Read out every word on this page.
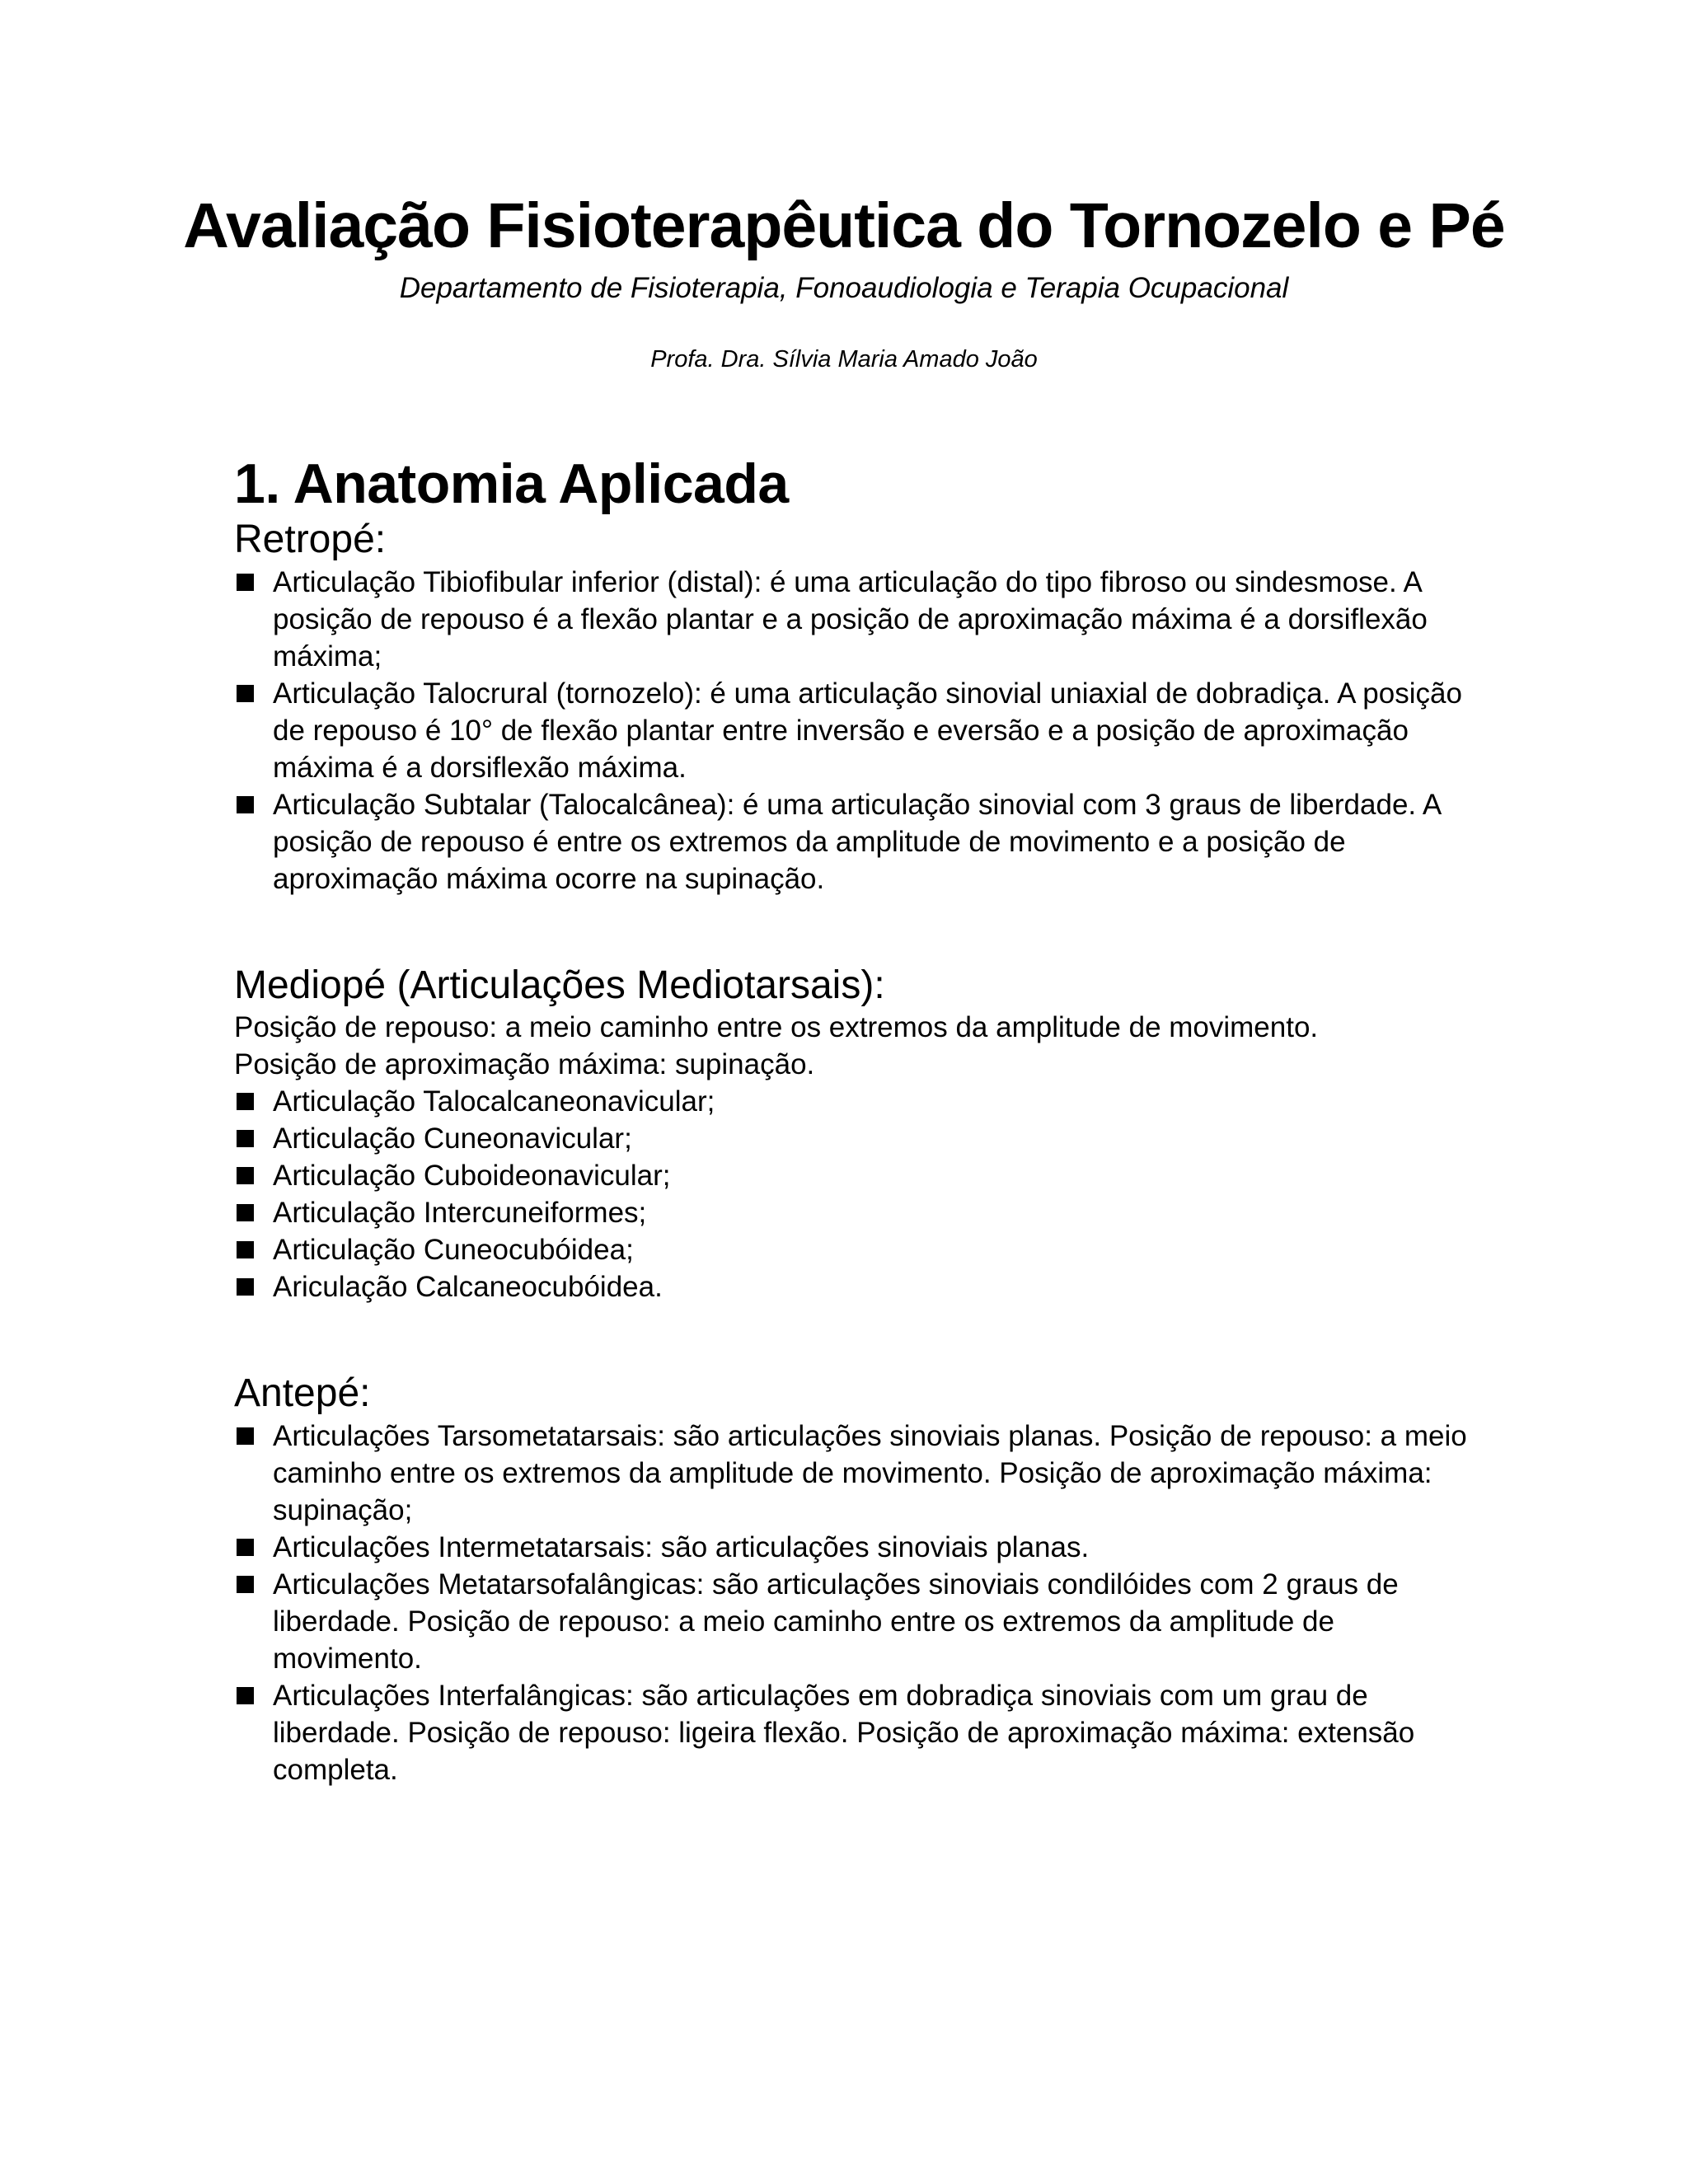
Avaliação Fisioterapêutica do Tornozelo e Pé

Departamento de Fisioterapia, Fonoaudiologia e Terapia Ocupacional

Profa. Dra. Sílvia Maria Amado João

1. Anatomia Aplicada
Retropé:
Articulação Tibiofibular inferior (distal): é uma articulação do tipo fibroso ou sindesmose. A posição de repouso é a flexão plantar e a posição de aproximação máxima é a dorsiflexão máxima;
Articulação Talocrural (tornozelo): é uma articulação sinovial uniaxial de dobradiça. A posição de repouso é 10° de flexão plantar entre inversão e eversão e a posição de aproximação máxima é a dorsiflexão máxima.
Articulação Subtalar (Talocalcânea): é uma articulação sinovial com 3 graus de liberdade. A posição de repouso é entre os extremos da amplitude de movimento e a posição de aproximação máxima ocorre na supinação.
Mediopé (Articulações Mediotarsais):

Posição de repouso: a meio caminho entre os extremos da amplitude de movimento.

Posição de aproximação máxima: supinação.

Articulação Talocalcaneonavicular;
Articulação Cuneonavicular;
Articulação Cuboideonavicular;
Articulação Intercuneiformes;
Articulação Cuneocubóidea;
Ariculação Calcaneocubóidea.
Antepé:
Articulações Tarsometatarsais: são articulações sinoviais planas. Posição de repouso: a meio caminho entre os extremos da amplitude de movimento. Posição de aproximação máxima: supinação;
Articulações Intermetatarsais: são articulações sinoviais planas.
Articulações Metatarsofalângicas: são articulações sinoviais condilóides com 2 graus de liberdade. Posição de repouso: a meio caminho entre os extremos da amplitude de movimento.
Articulações Interfalângicas: são articulações em dobradiça sinoviais com um grau de liberdade. Posição de repouso: ligeira flexão. Posição de aproximação máxima: extensão completa.
